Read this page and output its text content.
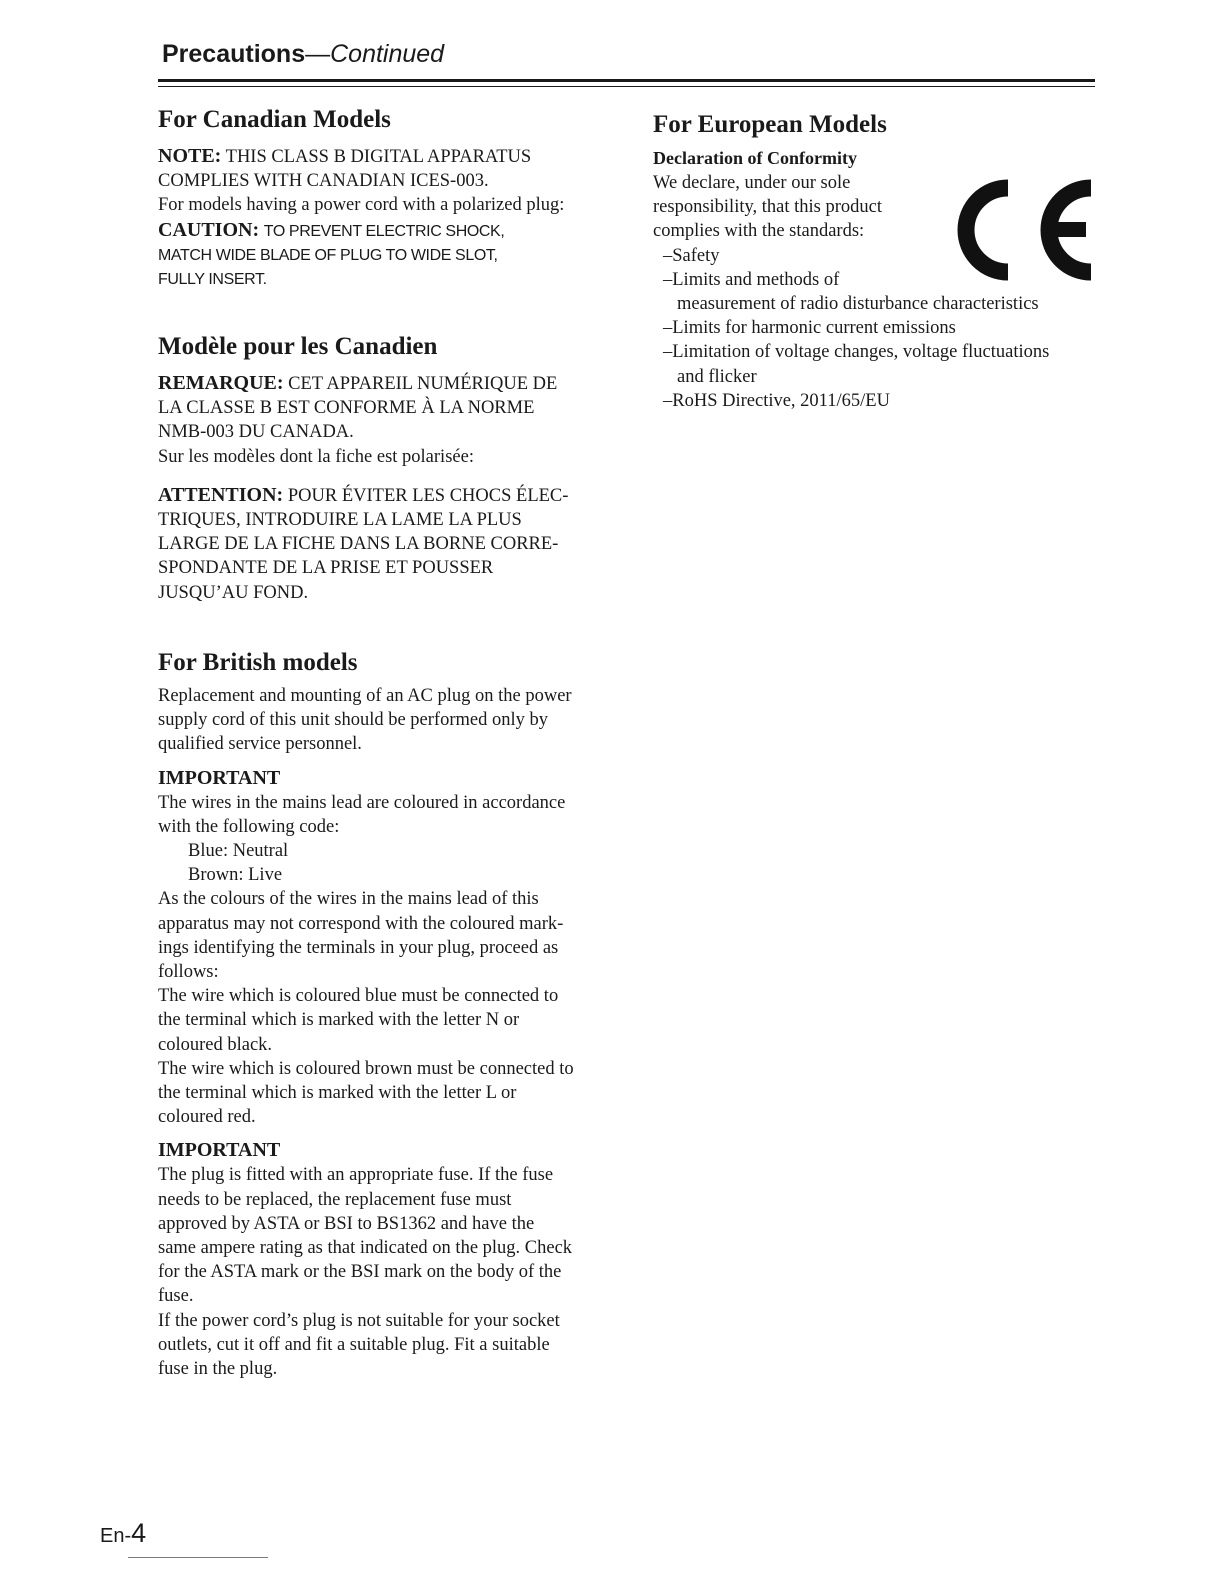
Precautions—Continued
For Canadian Models

NOTE: THIS CLASS B DIGITAL APPARATUS

COMPLIES WITH CANADIAN ICES-003.

For models having a power cord with a polarized plug:

CAUTION: TO PREVENT ELECTRIC SHOCK,

MATCH WIDE BLADE OF PLUG TO WIDE SLOT,

FULLY INSERT.

Modèle pour les Canadien

REMARQUE: CET APPAREIL NUMÉRIQUE DE

LA CLASSE B EST CONFORME À LA NORME

NMB-003 DU CANADA.

Sur les modèles dont la fiche est polarisée:

ATTENTION: POUR ÉVITER LES CHOCS ÉLEC-

TRIQUES, INTRODUIRE LA LAME LA PLUS

LARGE DE LA FICHE DANS LA BORNE CORRE-

SPONDANTE DE LA PRISE ET POUSSER

JUSQU’AU FOND.

For British models

Replacement and mounting of an AC plug on the power

supply cord of this unit should be performed only by

qualified service personnel.

IMPORTANT

The wires in the mains lead are coloured in accordance

with the following code:

Blue: Neutral

Brown: Live

As the colours of the wires in the mains lead of this

apparatus may not correspond with the coloured mark-

ings identifying the terminals in your plug, proceed as

follows:

The wire which is coloured blue must be connected to

the terminal which is marked with the letter N or

coloured black.

The wire which is coloured brown must be connected to

the terminal which is marked with the letter L or

coloured red.

IMPORTANT

The plug is fitted with an appropriate fuse. If the fuse

needs to be replaced, the replacement fuse must

approved by ASTA or BSI to BS1362 and have the

same ampere rating as that indicated on the plug. Check

for the ASTA mark or the BSI mark on the body of the

fuse.

If the power cord’s plug is not suitable for your socket

outlets, cut it off and fit a suitable plug. Fit a suitable

fuse in the plug.

For European Models

Declaration of Conformity

We declare, under our sole

responsibility, that this product

complies with the standards:

–Safety
–Limits and methods of
measurement of radio disturbance characteristics
–Limits for harmonic current emissions
–Limitation of voltage changes, voltage fluctuations
and flicker
–RoHS Directive, 2011/65/EU
En-4
